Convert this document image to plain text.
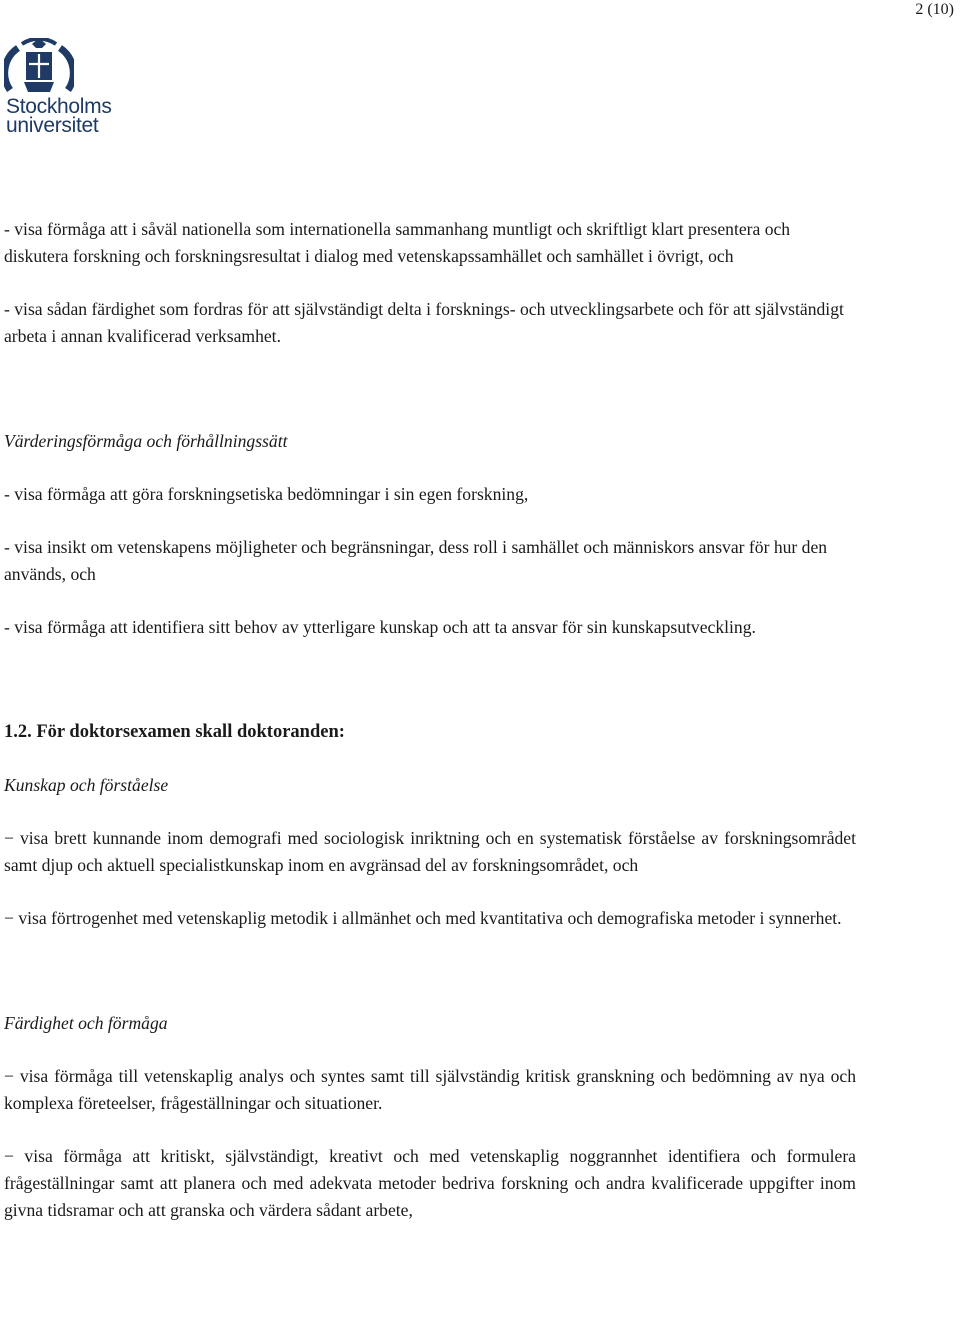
2 (10)
Stockholms
universitet

- visa förmåga att i såväl nationella som internationella sammanhang muntligt och skriftligt klart presentera och diskutera forskning och forskningsresultat i dialog med vetenskapssamhället och samhället i övrigt, och

- visa sådan färdighet som fordras för att självständigt delta i forsknings- och utvecklingsarbete och för att självständigt arbeta i annan kvalificerad verksamhet.

Värderingsförmåga och förhållningssätt

- visa förmåga att göra forskningsetiska bedömningar i sin egen forskning,

- visa insikt om vetenskapens möjligheter och begränsningar, dess roll i samhället och människors ansvar för hur den används, och

- visa förmåga att identifiera sitt behov av ytterligare kunskap och att ta ansvar för sin kunskapsutveckling.

1.2. För doktorsexamen skall doktoranden:
Kunskap och förståelse

− visa brett kunnande inom demografi med sociologisk inriktning och en systematisk förståelse av forskningsområdet samt djup och aktuell specialistkunskap inom en avgränsad del av forskningsområdet, och

− visa förtrogenhet med vetenskaplig metodik i allmänhet och med kvantitativa och demografiska metoder i synnerhet.

Färdighet och förmåga

− visa förmåga till vetenskaplig analys och syntes samt till självständig kritisk granskning och bedömning av nya och komplexa företeelser, frågeställningar och situationer.

− visa förmåga att kritiskt, självständigt, kreativt och med vetenskaplig noggrannhet identifiera och formulera frågeställningar samt att planera och med adekvata metoder bedriva forskning och andra kvalificerade uppgifter inom givna tidsramar och att granska och värdera sådant arbete,
